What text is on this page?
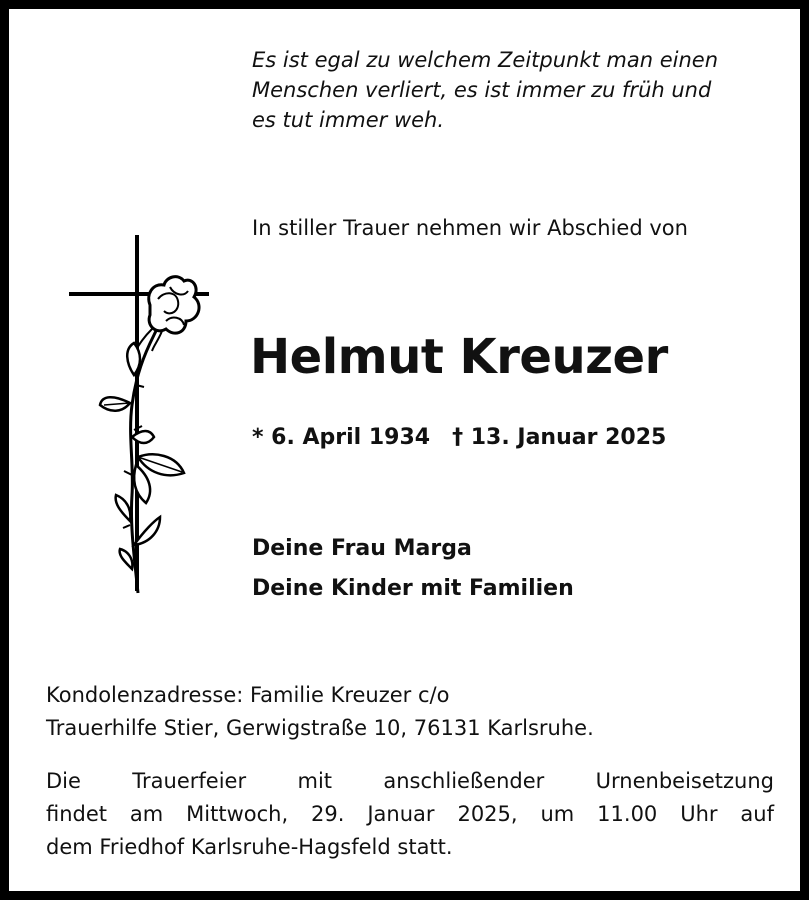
Es ist egal zu welchem Zeitpunkt man einen
Menschen verliert, es ist immer zu früh und
es tut immer weh.
In stiller Trauer nehmen wir Abschied von
Helmut Kreuzer
* 6. April 1934 † 13. Januar 2025
Deine Frau Marga
Deine Kinder mit Familien
Kondolenzadresse: Familie Kreuzer c/o
Trauerhilfe Stier, Gerwigstraße 10, 76131 Karlsruhe.
Die Trauerfeier mit anschließender Urnenbeisetzung
findet am Mittwoch, 29. Januar 2025, um 11.00 Uhr auf
dem Friedhof Karlsruhe-Hagsfeld statt.
